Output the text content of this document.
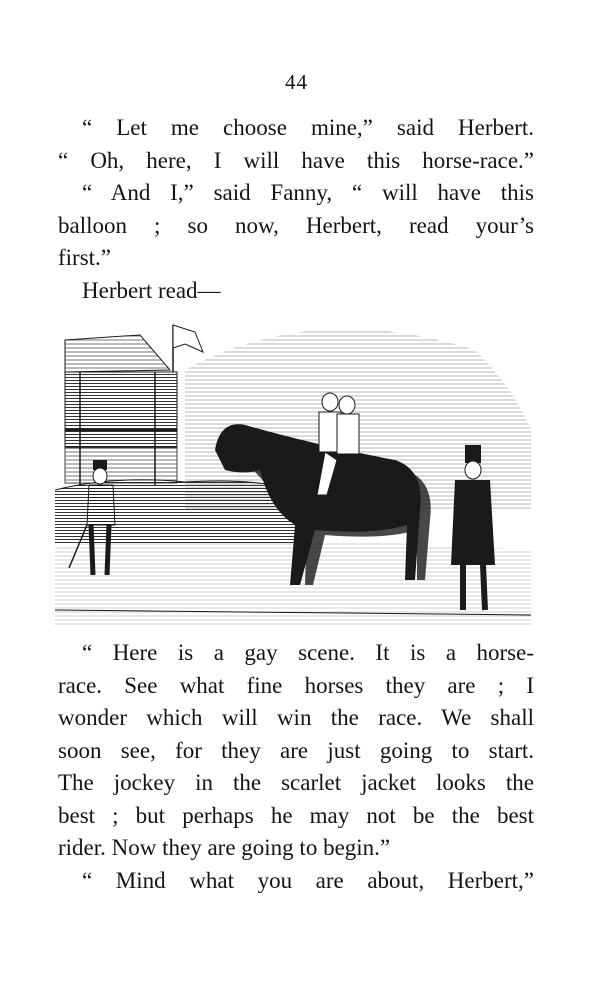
44
“ Let me choose mine,” said Herbert.
“ Oh, here, I will have this horse-race.”
“ And I,” said Fanny, “ will have this
balloon ; so now, Herbert, read your’s
first.”
Herbert read—
“ Here is a gay scene. It is a horse-
race. See what fine horses they are ; I
wonder which will win the race. We shall
soon see, for they are just going to start.
The jockey in the scarlet jacket looks the
best ; but perhaps he may not be the best
rider. Now they are going to begin.”
“ Mind what you are about, Herbert,”
